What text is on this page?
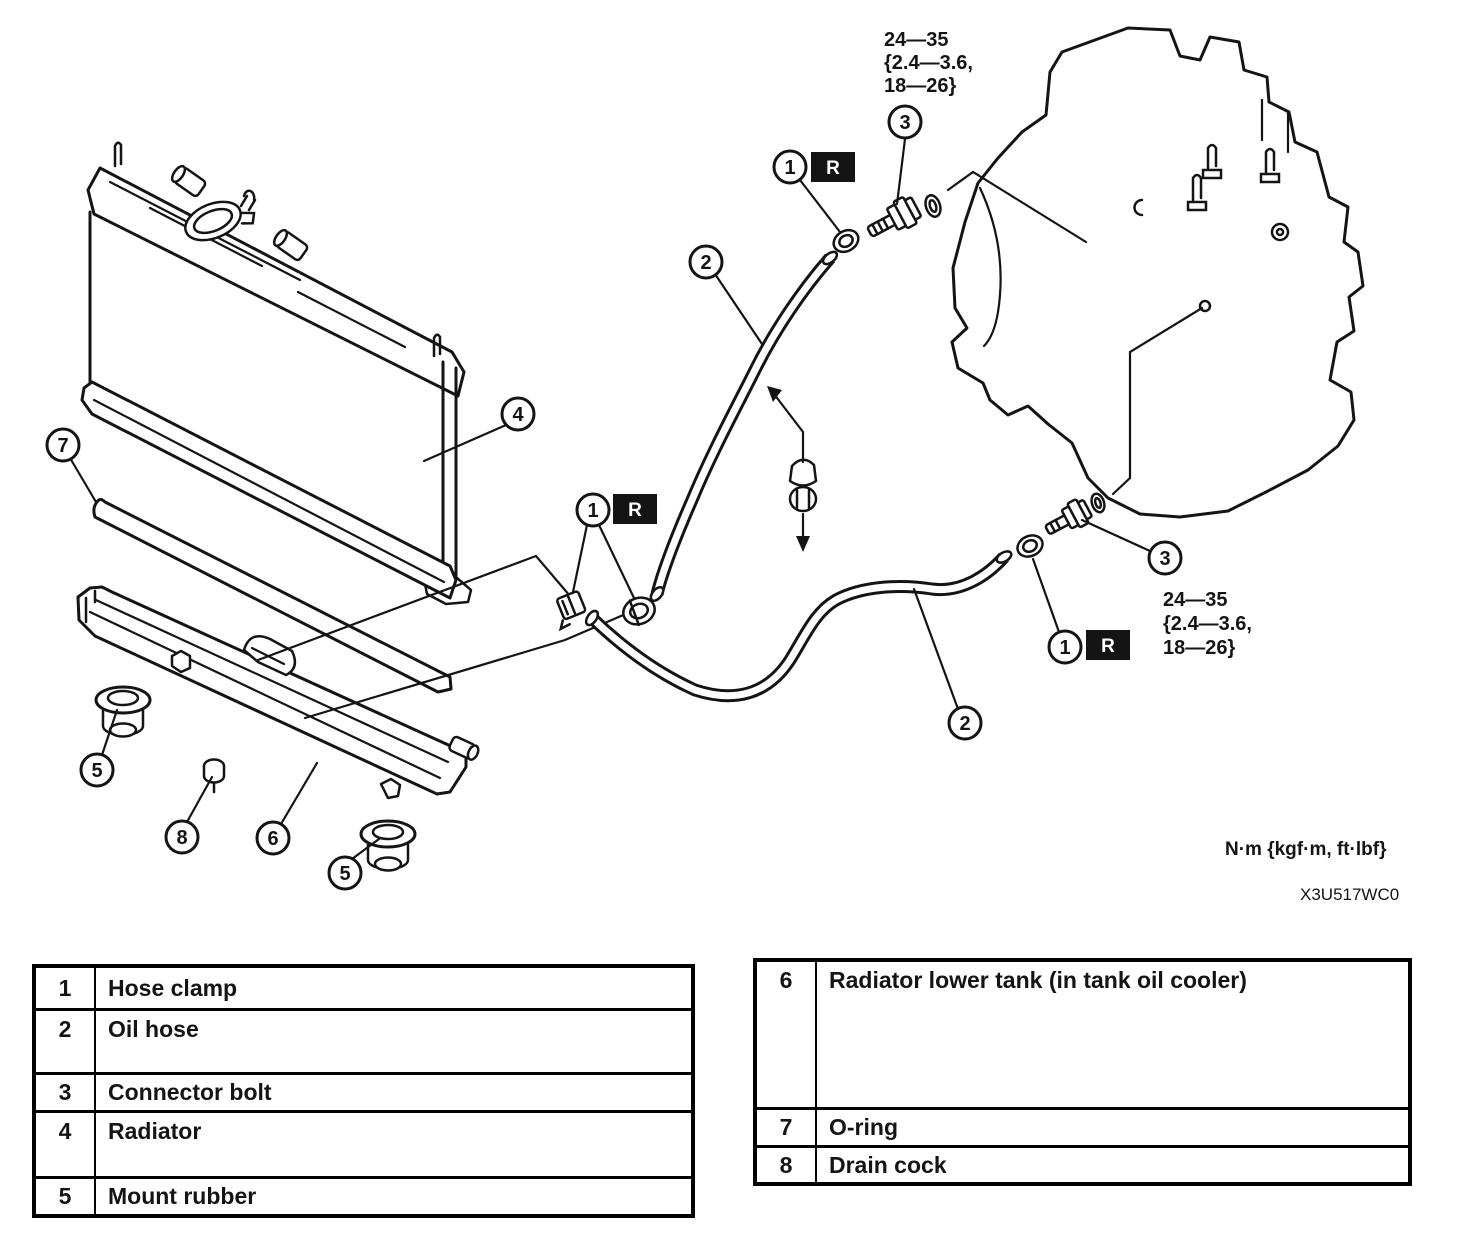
1
3
2
4
7
1
5
8	6
5
2
1
3
R
R
R
24—35
{2.4—3.6,
18—26}
24—35
{2.4—3.6,
18—26}
N·m {kgf·m, ft·lbf}
X3U517WC0
1	Hose clamp
2	Oil hose
3	Connector bolt
4	Radiator
5	Mount rubber
6	Radiator lower tank (in tank oil cooler)
7	O-ring
8	Drain cock
